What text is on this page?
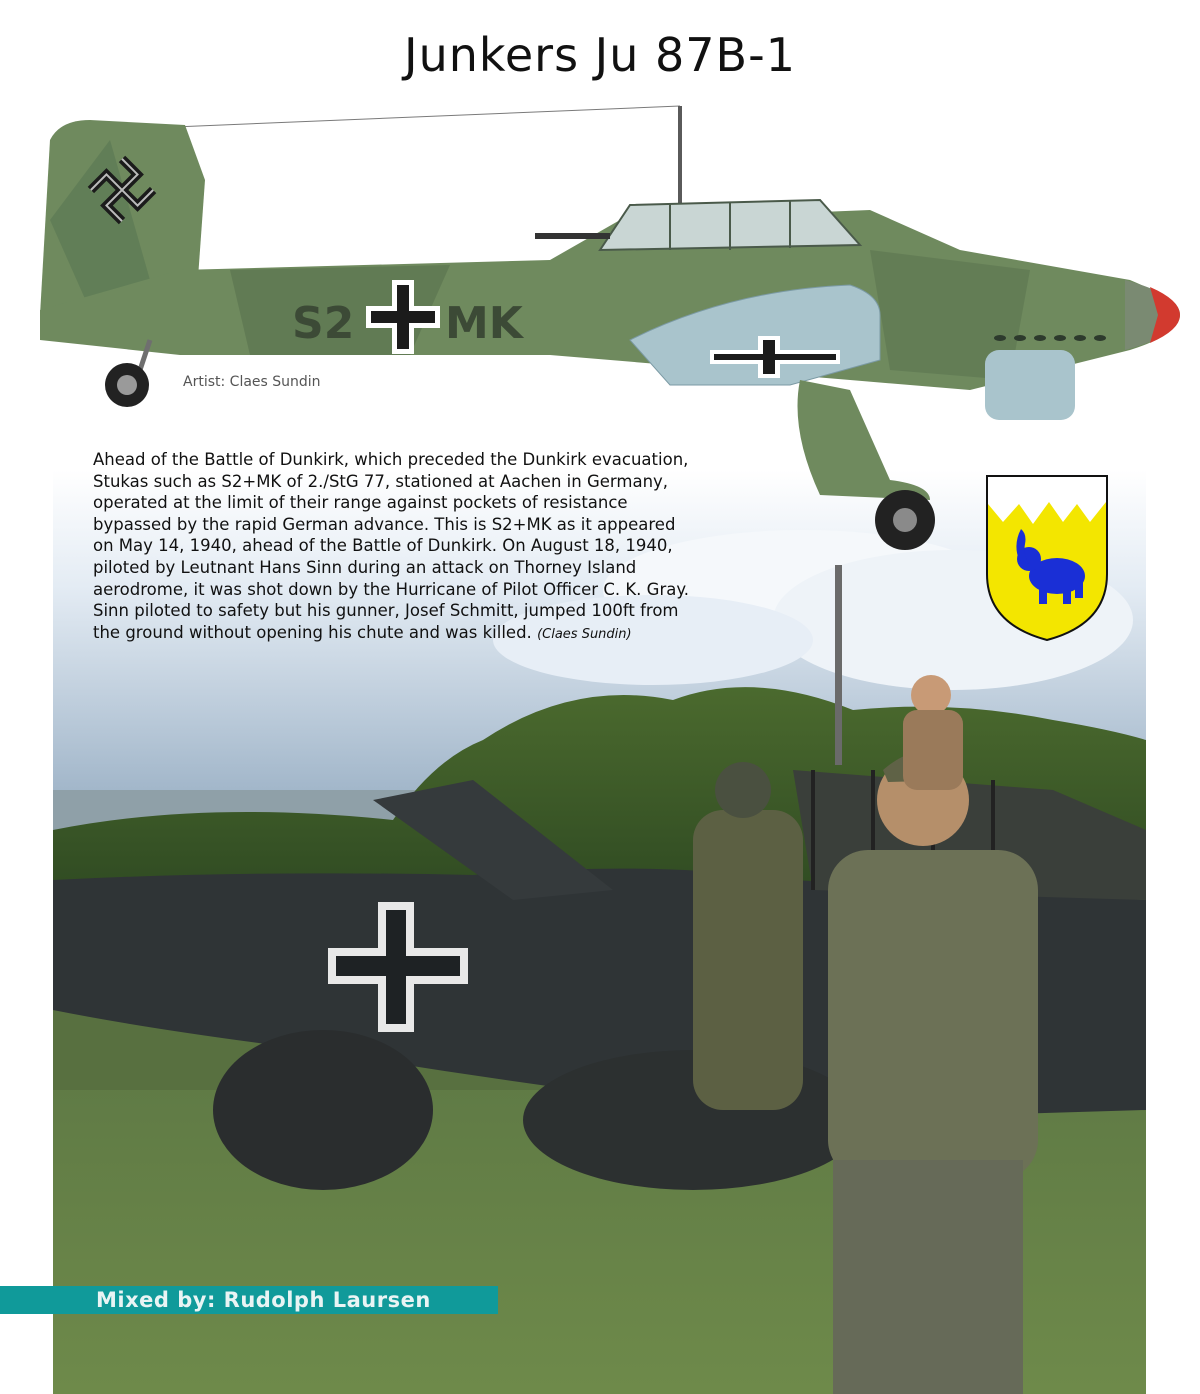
Junkers Ju 87B-1
S2 MK
Artist: Claes Sundin
Ahead of the Battle of Dunkirk, which preceded the Dunkirk evacuation, Stukas such as S2+MK of 2./StG 77, stationed at Aachen in Germany, operated at the limit of their range against pockets of resistance bypassed by the rapid German advance. This is S2+MK as it appeared on May 14, 1940, ahead of the Battle of Dunkirk. On August 18, 1940, piloted by Leutnant Hans Sinn during an attack on Thorney Island aerodrome, it was shot down by the Hurricane of Pilot Officer C. K. Gray. Sinn piloted to safety but his gunner, Josef Schmitt, jumped 100ft from the ground without opening his chute and was killed. (Claes Sundin)
Mixed by: Rudolph Laursen
